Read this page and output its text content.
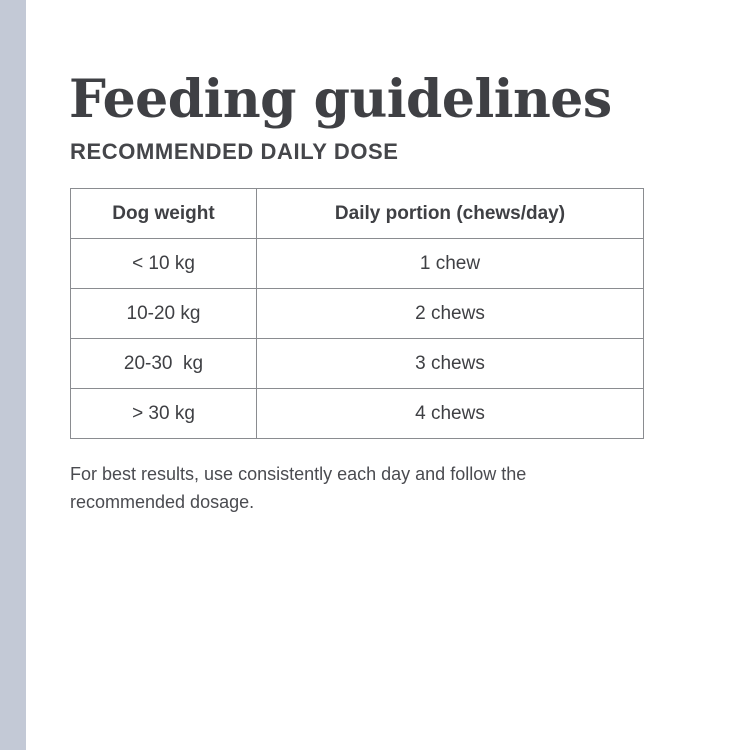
Feeding guidelines
RECOMMENDED DAILY DOSE
Dog weight	Daily portion (chews/day)
< 10 kg	1 chew
10-20 kg	2 chews
20-30  kg	3 chews
> 30 kg	4 chews

For best results, use consistently each day and follow the recommended dosage.
